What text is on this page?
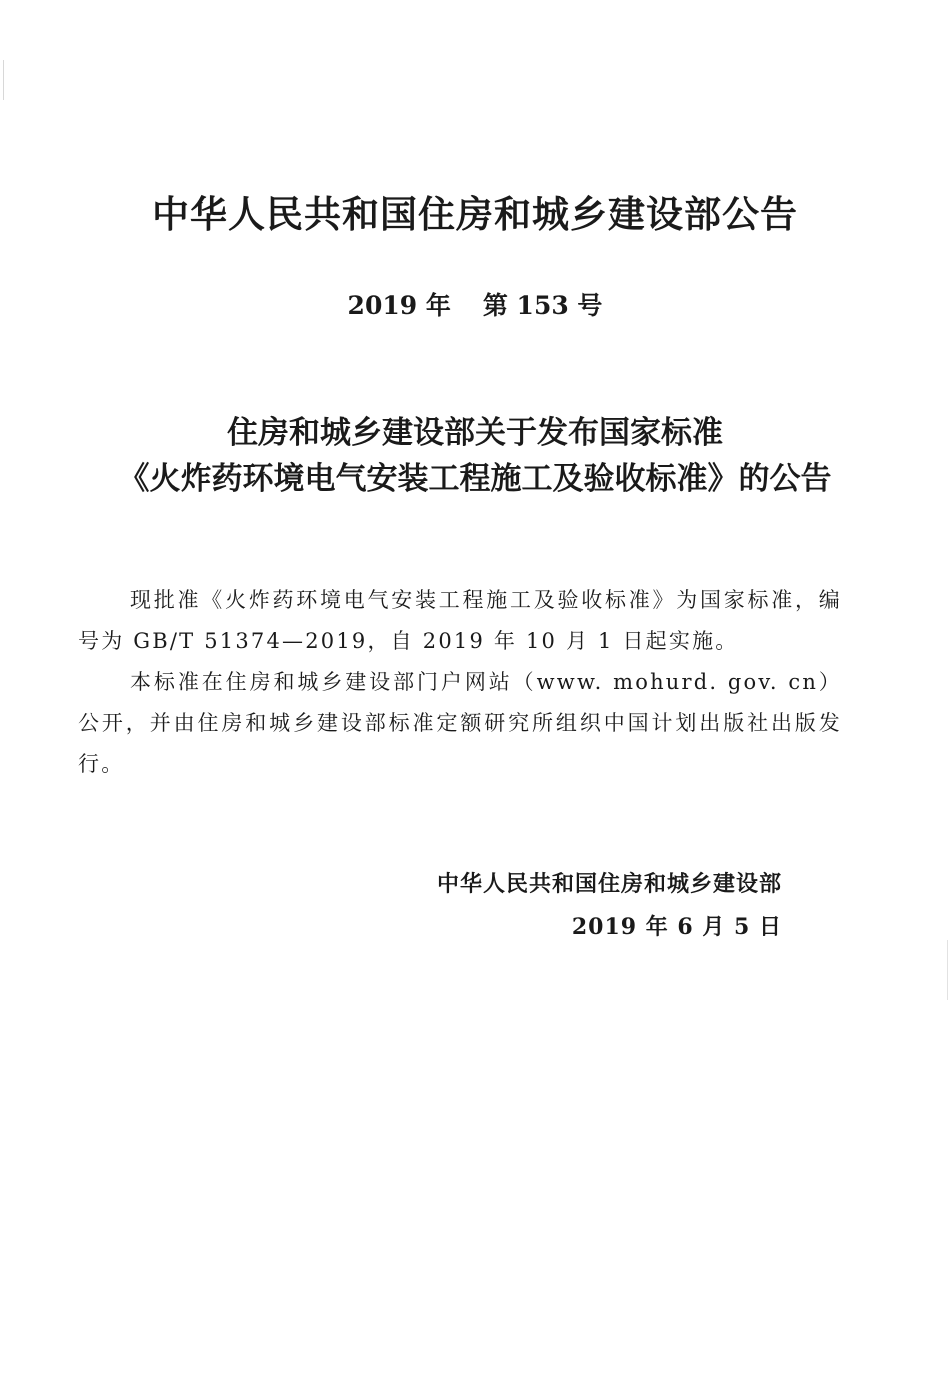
中华人民共和国住房和城乡建设部公告
2019 年 第 153 号
住房和城乡建设部关于发布国家标准
《火炸药环境电气安装工程施工及验收标准》的公告

现批准《火炸药环境电气安装工程施工及验收标准》为国家标准，编号为 GB/T 51374—2019，自 2019 年 10 月 1 日起实施。

本标准在住房和城乡建设部门户网站（www. mohurd. gov. cn）公开，并由住房和城乡建设部标准定额研究所组织中国计划出版社出版发行。

中华人民共和国住房和城乡建设部
2019 年 6 月 5 日
